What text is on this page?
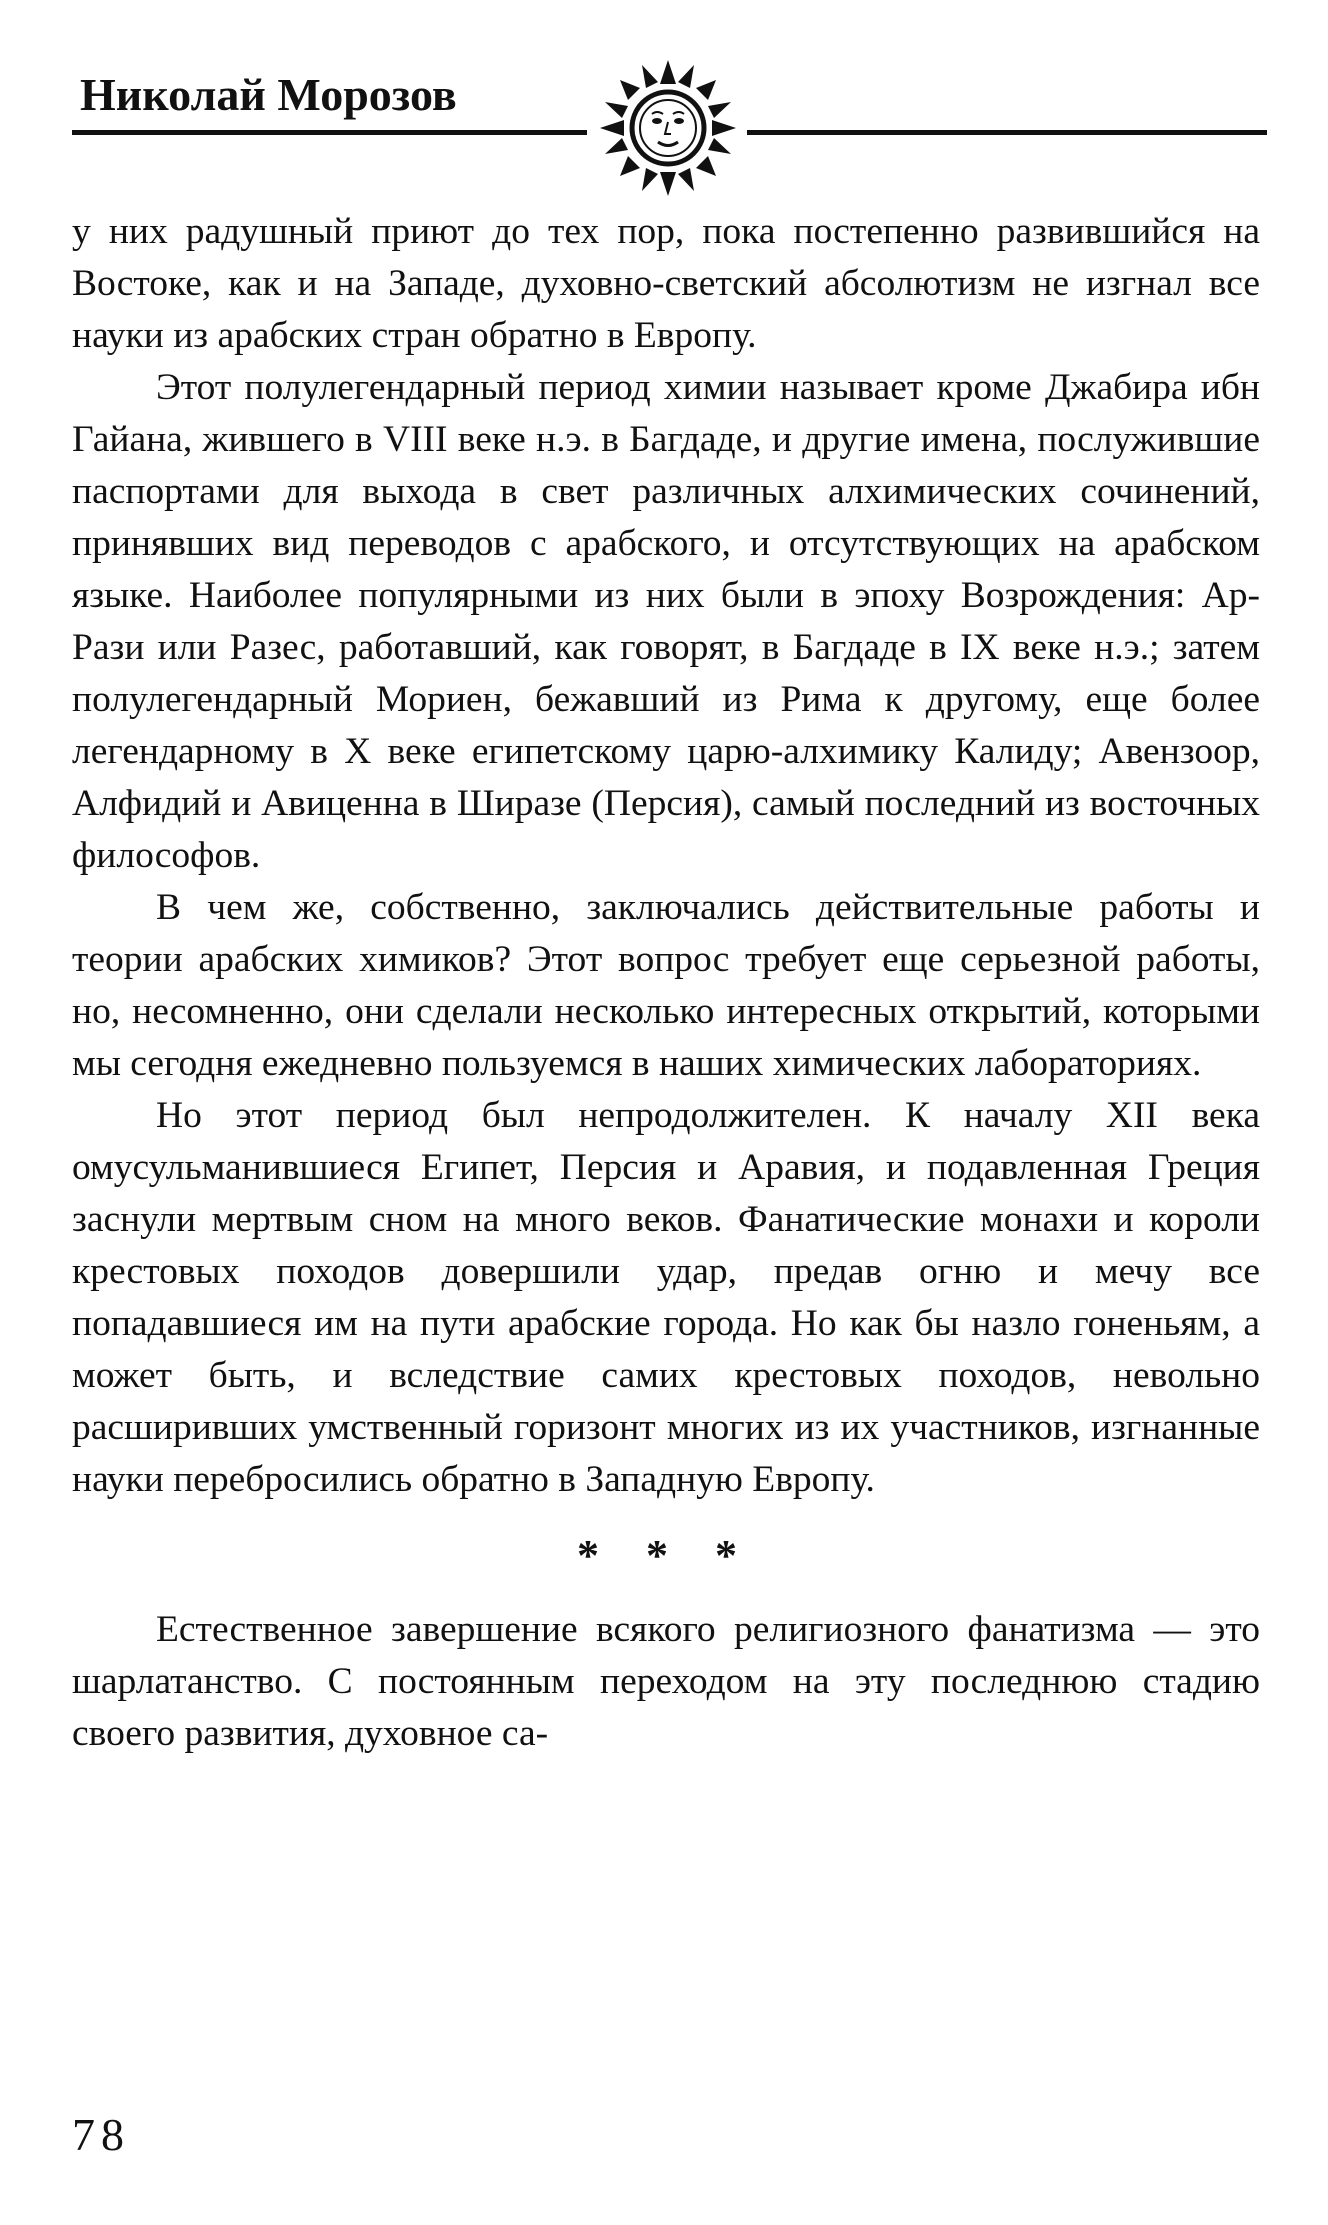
Николай Морозов

у них радушный приют до тех пор, пока постепенно развившийся на Востоке, как и на Западе, духовно-светский абсолютизм не изгнал все науки из арабских стран обратно в Европу.

Этот полулегендарный период химии называет кроме Джабира ибн Гайана, жившего в VIII веке н.э. в Багдаде, и другие имена, послужившие паспортами для выхода в свет различных алхимических сочинений, принявших вид переводов с арабского, и отсутствующих на арабском языке. Наиболее популярными из них были в эпоху Возрождения: Ар-Рази или Разес, работавший, как говорят, в Багдаде в IX веке н.э.; затем полулегендарный Мориен, бежавший из Рима к другому, еще более легендарному в X веке египетскому царю-алхимику Калиду; Авензоор, Алфидий и Авиценна в Ширазе (Персия), самый последний из восточных философов.

В чем же, собственно, заключались действительные работы и теории арабских химиков? Этот вопрос требует еще серьезной работы, но, несомненно, они сделали несколько интересных открытий, которыми мы сегодня ежедневно пользуемся в наших химических лабораториях.

Но этот период был непродолжителен. К началу XII века омусульманившиеся Египет, Персия и Аравия, и подавленная Греция заснули мертвым сном на много веков. Фанатические монахи и короли крестовых походов довершили удар, предав огню и мечу все попадавшиеся им на пути арабские города. Но как бы назло гоненьям, а может быть, и вследствие самих крестовых походов, невольно расширивших умственный горизонт многих из их участников, изгнанные науки перебросились обратно в Западную Европу.

* * *

Естественное завершение всякого религиозного фанатизма — это шарлатанство. С постоянным переходом на эту последнюю стадию своего развития, духовное са-

78
